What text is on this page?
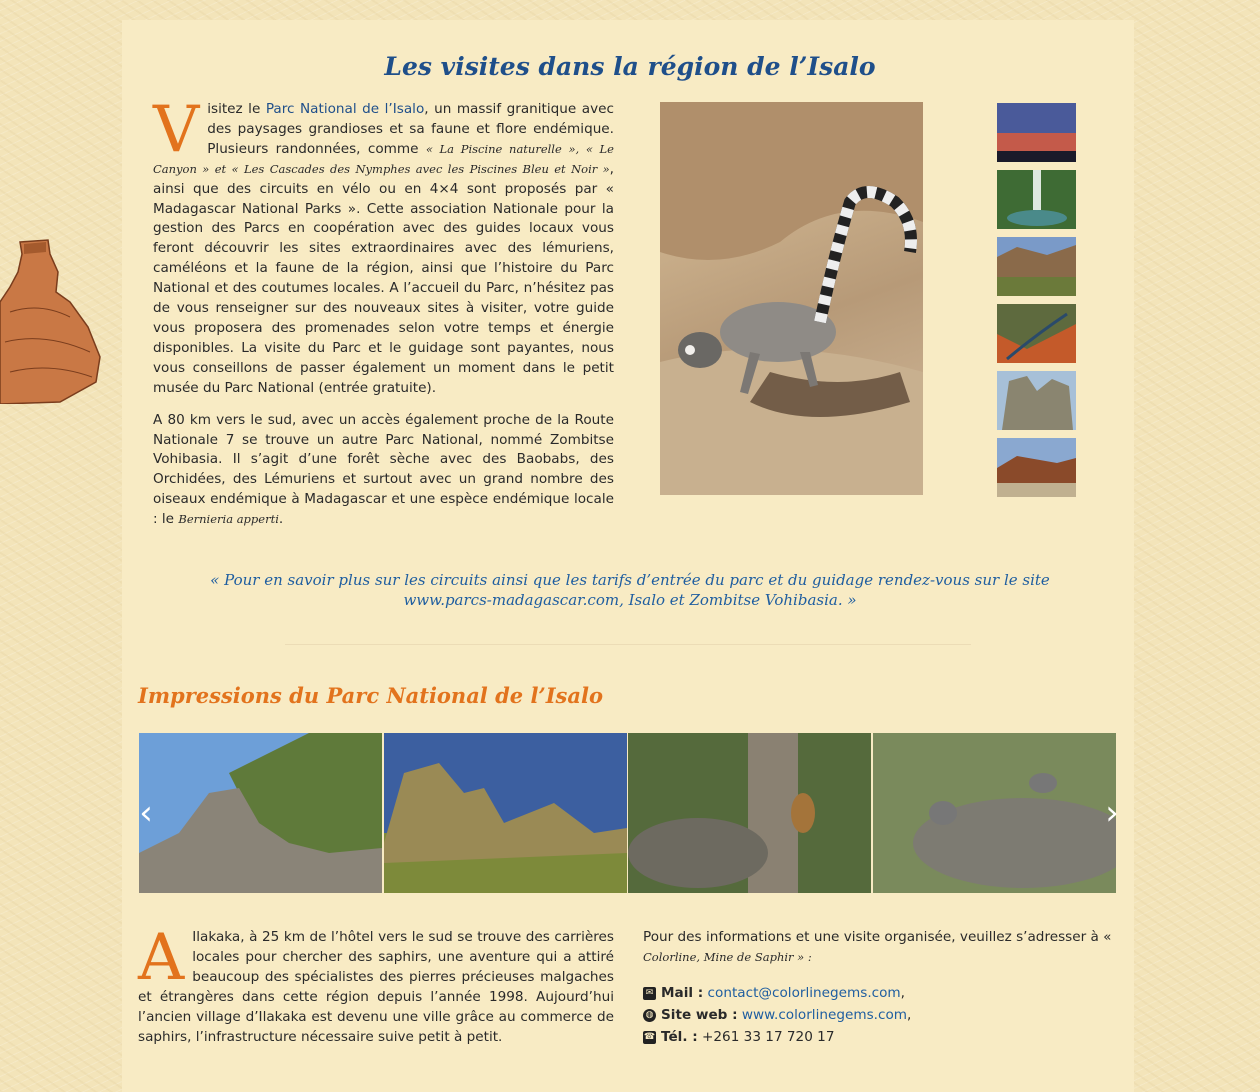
Les visites dans la région de l’Isalo

Visitez le Parc National de l’Isalo, un massif granitique avec des paysages grandioses et sa faune et flore endémique. Plusieurs randonnées, comme « La Piscine naturelle », « Le Canyon » et « Les Cascades des Nymphes avec les Piscines Bleu et Noir », ainsi que des circuits en vélo ou en 4×4 sont proposés par « Madagascar National Parks ». Cette association Nationale pour la gestion des Parcs en coopération avec des guides locaux vous feront découvrir les sites extraordinaires avec des lémuriens, caméléons et la faune de la région, ainsi que l’histoire du Parc National et des coutumes locales. A l’accueil du Parc, n’hésitez pas de vous renseigner sur des nouveaux sites à visiter, votre guide vous proposera des promenades selon votre temps et énergie disponibles. La visite du Parc et le guidage sont payantes, nous vous conseillons de passer également un moment dans le petit musée du Parc National (entrée gratuite).

A 80 km vers le sud, avec un accès également proche de la Route Nationale 7 se trouve un autre Parc National, nommé Zombitse Vohibasia. Il s’agit d’une forêt sèche avec des Baobabs, des Orchidées, des Lémuriens et surtout avec un grand nombre des oiseaux endémique à Madagascar et une espèce endémique locale : le Bernieria apperti.

« Pour en savoir plus sur les circuits ainsi que les tarifs d’entrée du parc et du guidage rendez-vous sur le site www.parcs-madagascar.com, Isalo et Zombitse Vohibasia. »
Impressions du Parc National de l’Isalo
‹	›
A Ilakaka, à 25 km de l’hôtel vers le sud se trouve des carrières locales pour chercher des saphirs, une aventure qui a attiré beaucoup des spécialistes des pierres précieuses malgaches et étrangères dans cette région depuis l’année 1998. Aujourd’hui l’ancien village d’Ilakaka est devenu une ville grâce au commerce de saphirs, l’infrastructure nécessaire suive petit à petit.
Pour des informations et une visite organisée, veuillez s’adresser à « Colorline, Mine de Saphir » :
✉ Mail :
contact@colorlinegems.com ,
◍ Site web :
www.colorlinegems.com ,
☎ Tél. :
+261 33 17 720 17
